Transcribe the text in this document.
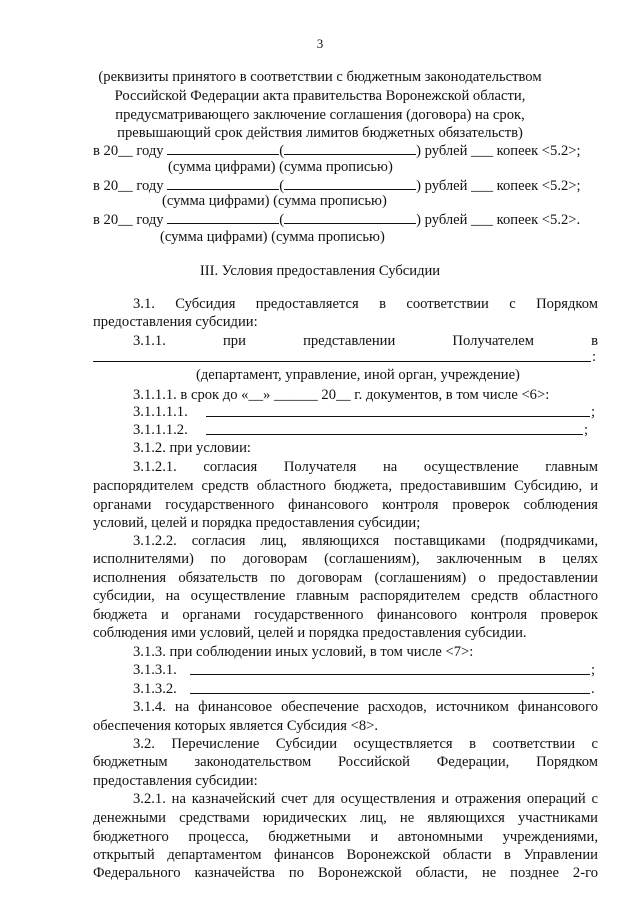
3
(реквизиты принятого в соответствии с бюджетным законодательством
Российской Федерации акта правительства Воронежской области,
предусматривающего заключение соглашения (договора) на срок,
превышающий срок действия лимитов бюджетных обязательств)
в 20__ году	(	) рублей ___ копеек <5.2>;
(сумма цифрами) (сумма прописью)
в 20__ году	(	) рублей ___ копеек <5.2>;
(сумма цифрами) (сумма прописью)
в 20__ году	(	) рублей ___ копеек <5.2>.
(сумма цифрами) (сумма прописью)
III. Условия предоставления Субсидии
3.1. Субсидия предоставляется в соответствии с Порядком
предоставления субсидии:
3.1.1. при представлении Получателем в
:
(департамент, управление, иной орган, учреждение)
3.1.1.1. в срок до «__» ______ 20__ г. документов, в том числе <6>:
3.1.1.1.1.	;
3.1.1.1.2.	;
3.1.2. при условии:
3.1.2.1. согласия Получателя на осуществление главным
распорядителем средств областного бюджета, предоставившим Субсидию, и
органами государственного финансового контроля проверок соблюдения
условий, целей и порядка предоставления субсидии;
3.1.2.2. согласия лиц, являющихся поставщиками (подрядчиками,
исполнителями) по договорам (соглашениям), заключенным в целях
исполнения обязательств по договорам (соглашениям) о предоставлении
субсидии, на осуществление главным распорядителем средств областного
бюджета и органами государственного финансового контроля проверок
соблюдения ими условий, целей и порядка предоставления субсидии.
3.1.3. при соблюдении иных условий, в том числе <7>:
3.1.3.1.	;
3.1.3.2.	.
3.1.4. на финансовое обеспечение расходов, источником финансового
обеспечения которых является Субсидия <8>.
3.2. Перечисление Субсидии осуществляется в соответствии с
бюджетным законодательством Российской Федерации, Порядком
предоставления субсидии:
3.2.1. на казначейский счет для осуществления и отражения операций с
денежными средствами юридических лиц, не являющихся участниками
бюджетного процесса, бюджетными и автономными учреждениями,
открытый департаментом финансов Воронежской области в Управлении
Федерального казначейства по Воронежской области, не позднее 2-го
